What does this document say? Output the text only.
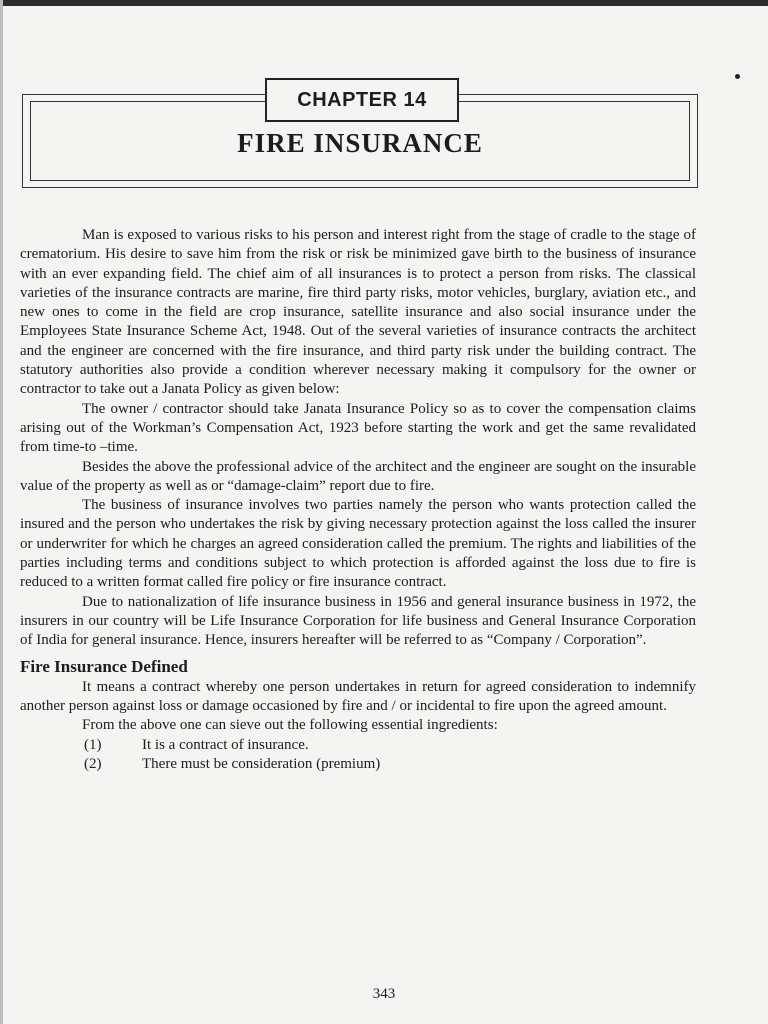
CHAPTER 14
FIRE INSURANCE

Man is exposed to various risks to his person and interest right from the stage of cradle to the stage of crematorium. His desire to save him from the risk or risk be minimized gave birth to the business of insurance with an ever expanding field. The chief aim of all insurances is to protect a person from risks. The classical varieties of the insurance contracts are marine, fire third party risks, motor vehicles, burglary, aviation etc., and new ones to come in the field are crop insurance, satellite insurance and also social insurance under the Employees State Insurance Scheme Act, 1948. Out of the several varieties of insurance contracts the architect and the engineer are concerned with the fire insurance, and third party risk under the building contract. The statutory authorities also provide a condition wherever necessary making it compulsory for the owner or contractor to take out a Janata Policy as given below:

The owner / contractor should take Janata Insurance Policy so as to cover the compensation claims arising out of the Workman’s Compensation Act, 1923 before starting the work and get the same revalidated from time-to –time.

Besides the above the professional advice of the architect and the engineer are sought on the insurable value of the property as well as or “damage-claim” report due to fire.

The business of insurance involves two parties namely the person who wants protection called the insured and the person who undertakes the risk by giving necessary protection against the loss called the insurer or underwriter for which he charges an agreed consideration called the premium. The rights and liabilities of the parties including terms and conditions subject to which protection is afforded against the loss due to fire is reduced to a written format called fire policy or fire insurance contract.

Due to nationalization of life insurance business in 1956 and general insurance business in 1972, the insurers in our country will be Life Insurance Corporation for life business and General Insurance Corporation of India for general insurance. Hence, insurers hereafter will be referred to as “Company / Corporation”.

Fire Insurance Defined

It means a contract whereby one person undertakes in return for agreed consideration to indemnify another person against loss or damage occasioned by fire and / or incidental to fire upon the agreed amount.

From the above one can sieve out the following essential ingredients:

(1)	It is a contract of insurance.
(2)	There must be consideration (premium)
343
